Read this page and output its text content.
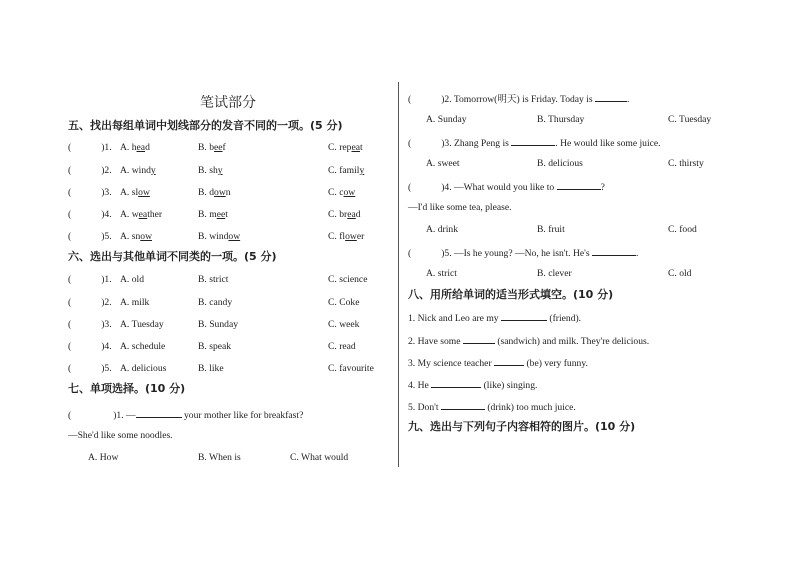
笔试部分
五、找出每组单词中划线部分的发音不同的一项。(5 分)
(	)1. A. head	B. beef	C. repeat
(	)2. A. windy	B. shy	C. family
(	)3. A. slow	B. down	C. cow
(	)4. A. weather	B. meet	C. bread
(	)5. A. snow	B. window	C. flower
六、选出与其他单词不同类的一项。(5 分)
(	)1. A. old	B. strict	C. science
(	)2. A. milk	B. candy	C. Coke
(	)3. A. Tuesday	B. Sunday	C. week
(	)4. A. schedule	B. speak	C. read
(	)5. A. delicious	B. like	C. favourite
七、单项选择。(10 分)
(	)1. —	your mother like for breakfast?
—She'd like some noodles.
A. How	B. When is	C. What would
(	)2. Tomorrow(明天) is Friday. Today is	.
A. Sunday	B. Thursday	C. Tuesday
(	)3. Zhang Peng is	. He would like some juice.
A. sweet	B. delicious	C. thirsty
(	)4. —What would you like to	?
—I'd like some tea, please.
A. drink	B. fruit	C. food
(	)5. —Is he young? —No, he isn't. He's	.
A. strict	B. clever	C. old
八、用所给单词的适当形式填空。(10 分)
1. Nick and Leo are my	(friend).
2. Have some	(sandwich) and milk. They're delicious.
3. My science teacher	(be) very funny.
4. He	(like) singing.
5. Don't	(drink) too much juice.
九、选出与下列句子内容相符的图片。(10 分)
